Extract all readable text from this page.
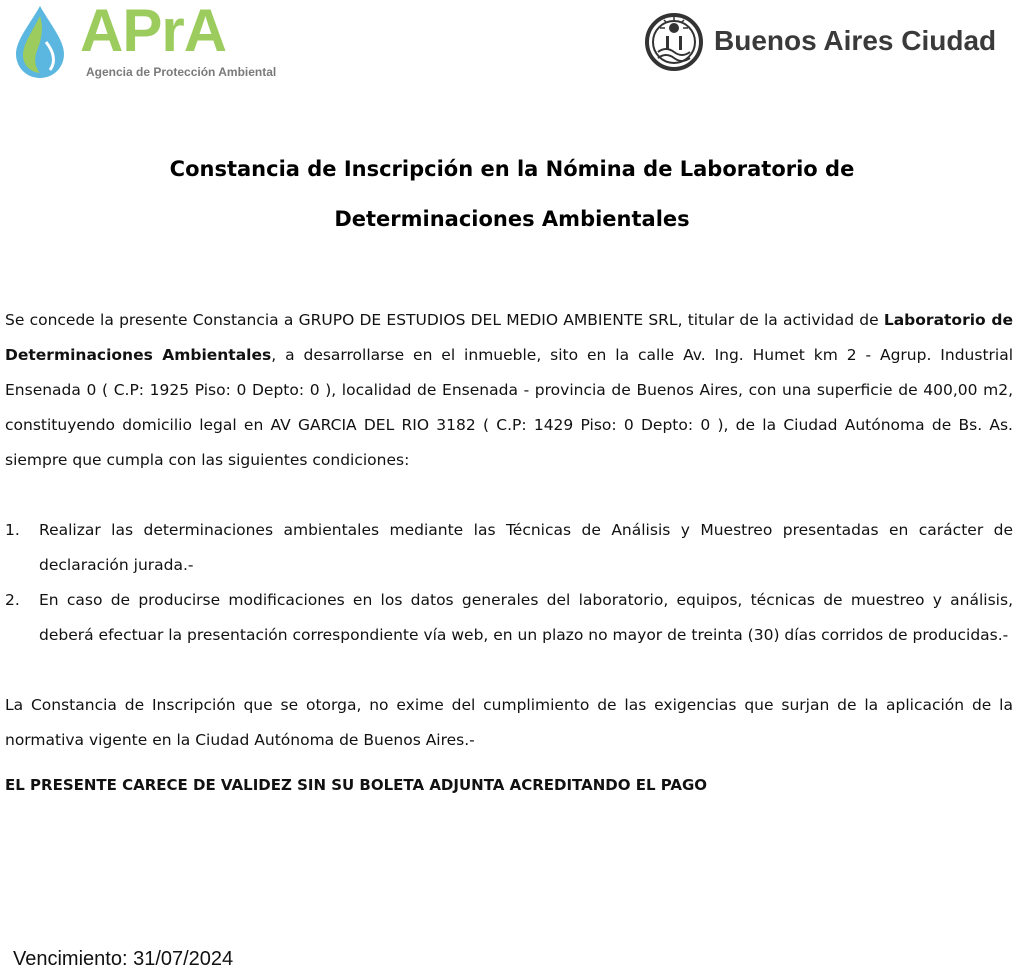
APrA
Agencia de Protección Ambiental
Buenos Aires Ciudad
Constancia de Inscripción en la Nómina de Laboratorio de
Determinaciones Ambientales
Se concede la presente Constancia a GRUPO DE ESTUDIOS DEL MEDIO AMBIENTE SRL, titular de la actividad de Laboratorio de Determinaciones Ambientales, a desarrollarse en el inmueble, sito en la calle Av. Ing. Humet km 2 - Agrup. Industrial Ensenada 0 ( C.P: 1925 Piso: 0 Depto: 0 ), localidad de Ensenada - provincia de Buenos Aires, con una superficie de 400,00 m2, constituyendo domicilio legal en AV GARCIA DEL RIO 3182 ( C.P: 1429 Piso: 0 Depto: 0 ), de la Ciudad Autónoma de Bs. As. siempre que cumpla con las siguientes condiciones:
1. Realizar las determinaciones ambientales mediante las Técnicas de Análisis y Muestreo presentadas en carácter de declaración jurada.-
2. En caso de producirse modificaciones en los datos generales del laboratorio, equipos, técnicas de muestreo y análisis, deberá efectuar la presentación correspondiente vía web, en un plazo no mayor de treinta (30) días corridos de producidas.-
La Constancia de Inscripción que se otorga, no exime del cumplimiento de las exigencias que surjan de la aplicación de la normativa vigente en la Ciudad Autónoma de Buenos Aires.-
EL PRESENTE CARECE DE VALIDEZ SIN SU BOLETA ADJUNTA ACREDITANDO EL PAGO
Vencimiento: 31/07/2024
